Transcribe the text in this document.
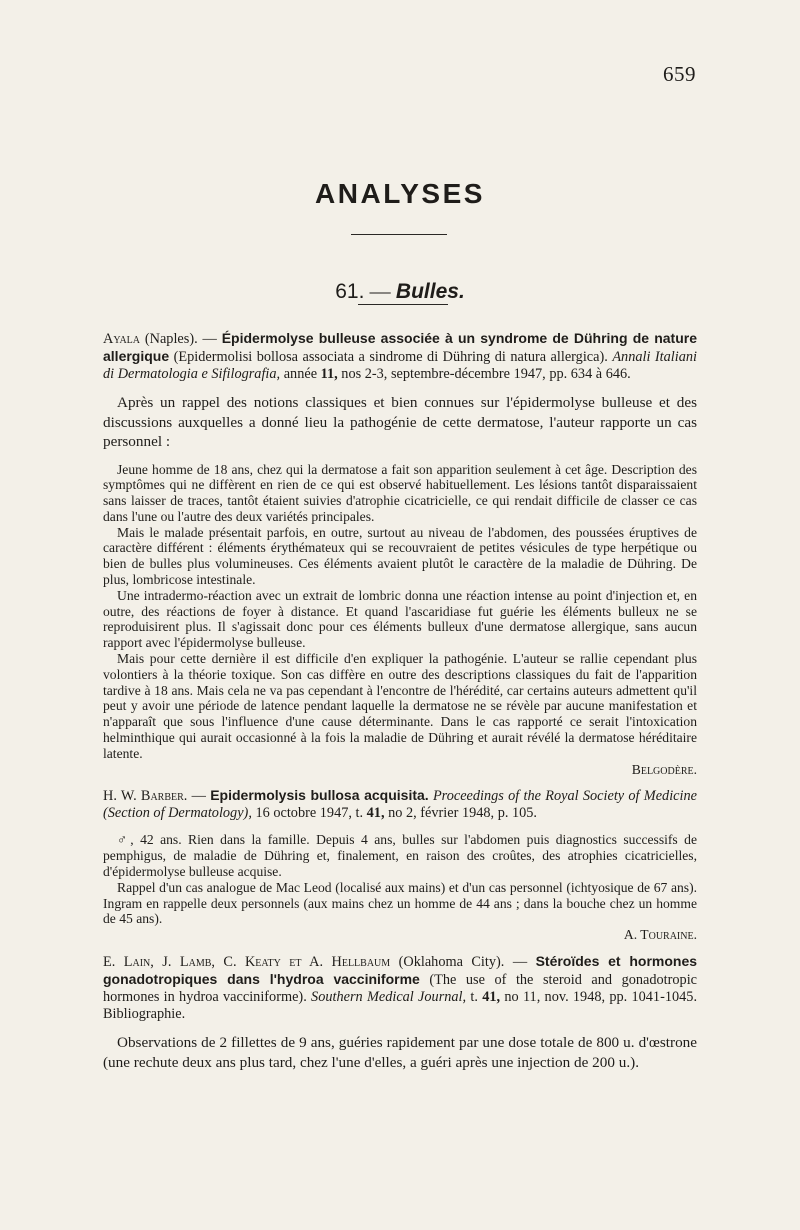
659
ANALYSES
61. — Bulles.

Ayala (Naples). — Épidermolyse bulleuse associée à un syndrome de Dühring de nature allergique (Epidermolisi bollosa associata a sindrome di Dühring di natura allergica). Annali Italiani di Dermatologia e Sifilografia, année 11, nos 2-3, septembre-décembre 1947, pp. 634 à 646.

Après un rappel des notions classiques et bien connues sur l'épidermolyse bulleuse et des discussions auxquelles a donné lieu la pathogénie de cette dermatose, l'auteur rapporte un cas personnel :

Jeune homme de 18 ans, chez qui la dermatose a fait son apparition seulement à cet âge. Description des symptômes qui ne diffèrent en rien de ce qui est observé habituellement. Les lésions tantôt disparaissaient sans laisser de traces, tantôt étaient suivies d'atrophie cicatricielle, ce qui rendait difficile de classer ce cas dans l'une ou l'autre des deux variétés principales.

Mais le malade présentait parfois, en outre, surtout au niveau de l'abdomen, des poussées éruptives de caractère différent : éléments érythémateux qui se recouvraient de petites vésicules de type herpétique ou bien de bulles plus volumineuses. Ces éléments avaient plutôt le caractère de la maladie de Dühring. De plus, lombricose intestinale.

Une intradermo-réaction avec un extrait de lombric donna une réaction intense au point d'injection et, en outre, des réactions de foyer à distance. Et quand l'ascaridiase fut guérie les éléments bulleux ne se reproduisirent plus. Il s'agissait donc pour ces éléments bulleux d'une dermatose allergique, sans aucun rapport avec l'épidermolyse bulleuse.

Mais pour cette dernière il est difficile d'en expliquer la pathogénie. L'auteur se rallie cependant plus volontiers à la théorie toxique. Son cas diffère en outre des descriptions classiques du fait de l'apparition tardive à 18 ans. Mais cela ne va pas cependant à l'encontre de l'hérédité, car certains auteurs admettent qu'il peut y avoir une période de latence pendant laquelle la dermatose ne se révèle par aucune manifestation et n'apparaît que sous l'influence d'une cause déterminante. Dans le cas rapporté ce serait l'intoxication helminthique qui aurait occasionné à la fois la maladie de Dühring et aurait révélé la dermatose héréditaire latente.

Belgodère.

H. W. Barber. — Epidermolysis bullosa acquisita. Proceedings of the Royal Society of Medicine (Section of Dermatology), 16 octobre 1947, t. 41, no 2, février 1948, p. 105.

♂, 42 ans. Rien dans la famille. Depuis 4 ans, bulles sur l'abdomen puis diagnostics successifs de pemphigus, de maladie de Dühring et, finalement, en raison des croûtes, des atrophies cicatricielles, d'épidermolyse bulleuse acquise.

Rappel d'un cas analogue de Mac Leod (localisé aux mains) et d'un cas personnel (ichtyosique de 67 ans). Ingram en rappelle deux personnels (aux mains chez un homme de 44 ans ; dans la bouche chez un homme de 45 ans).

A. Touraine.

E. Lain, J. Lamb, C. Keaty et A. Hellbaum (Oklahoma City). — Stéroïdes et hormones gonadotropiques dans l'hydroa vacciniforme (The use of the steroid and gonadotropic hormones in hydroa vacciniforme). Southern Medical Journal, t. 41, no 11, nov. 1948, pp. 1041-1045. Bibliographie.

Observations de 2 fillettes de 9 ans, guéries rapidement par une dose totale de 800 u. d'œstrone (une rechute deux ans plus tard, chez l'une d'elles, a guéri après une injection de 200 u.).
